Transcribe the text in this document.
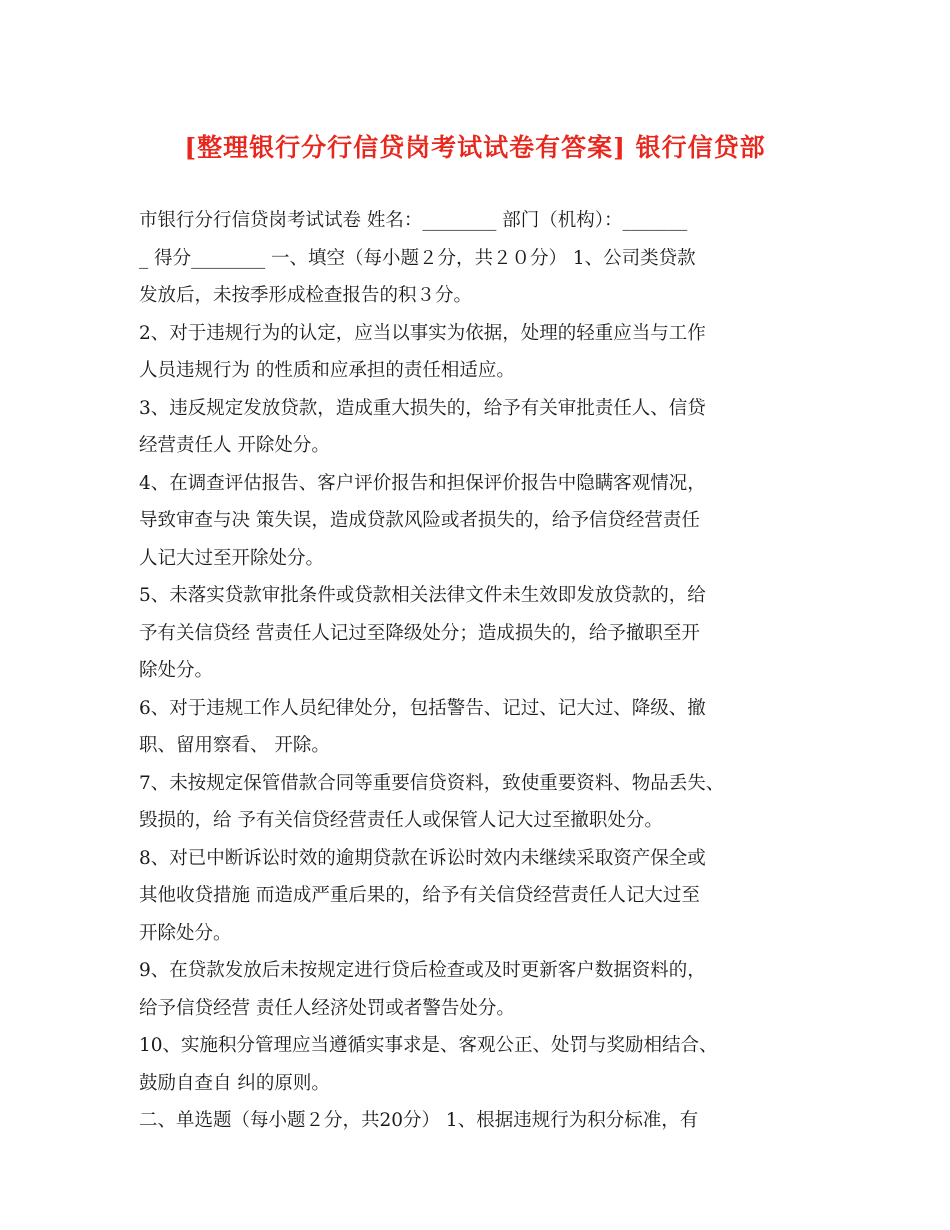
[整理银行分行信贷岗考试试卷有答案] 银行信贷部
市银行分行信贷岗考试试卷 姓名：________ 部门（机构）：_______
_ 得分________ 一、填空（每小题２分，共２０分） 1、公司类贷款
发放后，未按季形成检查报告的积３分。
2、对于违规行为的认定，应当以事实为依据，处理的轻重应当与工作
人员违规行为 的性质和应承担的责任相适应。
3、违反规定发放贷款，造成重大损失的，给予有关审批责任人、信贷
经营责任人 开除处分。
4、在调查评估报告、客户评价报告和担保评价报告中隐瞒客观情况，
导致审查与决 策失误，造成贷款风险或者损失的，给予信贷经营责任
人记大过至开除处分。
5、未落实贷款审批条件或贷款相关法律文件未生效即发放贷款的，给
予有关信贷经 营责任人记过至降级处分；造成损失的，给予撤职至开
除处分。
6、对于违规工作人员纪律处分，包括警告、记过、记大过、降级、撤
职、留用察看、 开除。
7、未按规定保管借款合同等重要信贷资料，致使重要资料、物品丢失、
毁损的，给 予有关信贷经营责任人或保管人记大过至撤职处分。
8、对已中断诉讼时效的逾期贷款在诉讼时效内未继续采取资产保全或
其他收贷措施 而造成严重后果的，给予有关信贷经营责任人记大过至
开除处分。
9、在贷款发放后未按规定进行贷后检查或及时更新客户数据资料的，
给予信贷经营 责任人经济处罚或者警告处分。
10、实施积分管理应当遵循实事求是、客观公正、处罚与奖励相结合、
鼓励自查自 纠的原则。
二、单选题（每小题２分，共20分） 1、根据违规行为积分标准，有
